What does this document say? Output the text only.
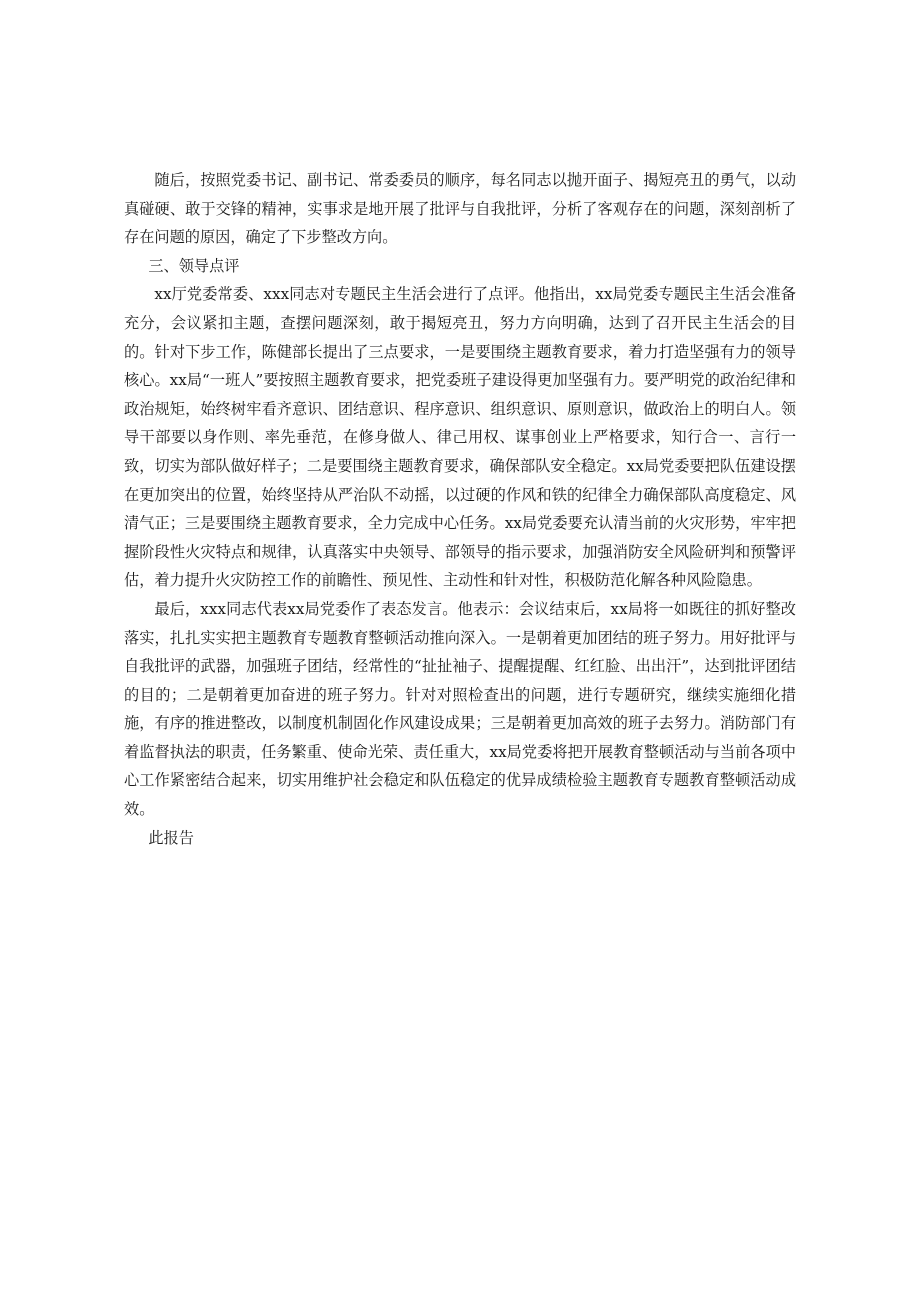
随后，按照党委书记、副书记、常委委员的顺序，每名同志以抛开面子、揭短亮丑的勇气，以动真碰硬、敢于交锋的精神，实事求是地开展了批评与自我批评，分析了客观存在的问题，深刻剖析了存在问题的原因，确定了下步整改方向。

三、领导点评

xx厅党委常委、xxx同志对专题民主生活会进行了点评。他指出，xx局党委专题民主生活会准备充分，会议紧扣主题，查摆问题深刻，敢于揭短亮丑，努力方向明确，达到了召开民主生活会的目的。针对下步工作，陈健部长提出了三点要求，一是要围绕主题教育要求，着力打造坚强有力的领导核心。xx局“一班人”要按照主题教育要求，把党委班子建设得更加坚强有力。要严明党的政治纪律和政治规矩，始终树牢看齐意识、团结意识、程序意识、组织意识、原则意识，做政治上的明白人。领导干部要以身作则、率先垂范，在修身做人、律己用权、谋事创业上严格要求，知行合一、言行一致，切实为部队做好样子；二是要围绕主题教育要求，确保部队安全稳定。xx局党委要把队伍建设摆在更加突出的位置，始终坚持从严治队不动摇，以过硬的作风和铁的纪律全力确保部队高度稳定、风清气正；三是要围绕主题教育要求，全力完成中心任务。xx局党委要充认清当前的火灾形势，牢牢把握阶段性火灾特点和规律，认真落实中央领导、部领导的指示要求，加强消防安全风险研判和预警评估，着力提升火灾防控工作的前瞻性、预见性、主动性和针对性，积极防范化解各种风险隐患。

最后，xxx同志代表xx局党委作了表态发言。他表示：会议结束后，xx局将一如既往的抓好整改落实，扎扎实实把主题教育专题教育整顿活动推向深入。一是朝着更加团结的班子努力。用好批评与自我批评的武器，加强班子团结，经常性的“扯扯袖子、提醒提醒、红红脸、出出汗”，达到批评团结的目的；二是朝着更加奋进的班子努力。针对对照检查出的问题，进行专题研究，继续实施细化措施，有序的推进整改，以制度机制固化作风建设成果；三是朝着更加高效的班子去努力。消防部门有着监督执法的职责，任务繁重、使命光荣、责任重大，xx局党委将把开展教育整顿活动与当前各项中心工作紧密结合起来，切实用维护社会稳定和队伍稳定的优异成绩检验主题教育专题教育整顿活动成效。

此报告
